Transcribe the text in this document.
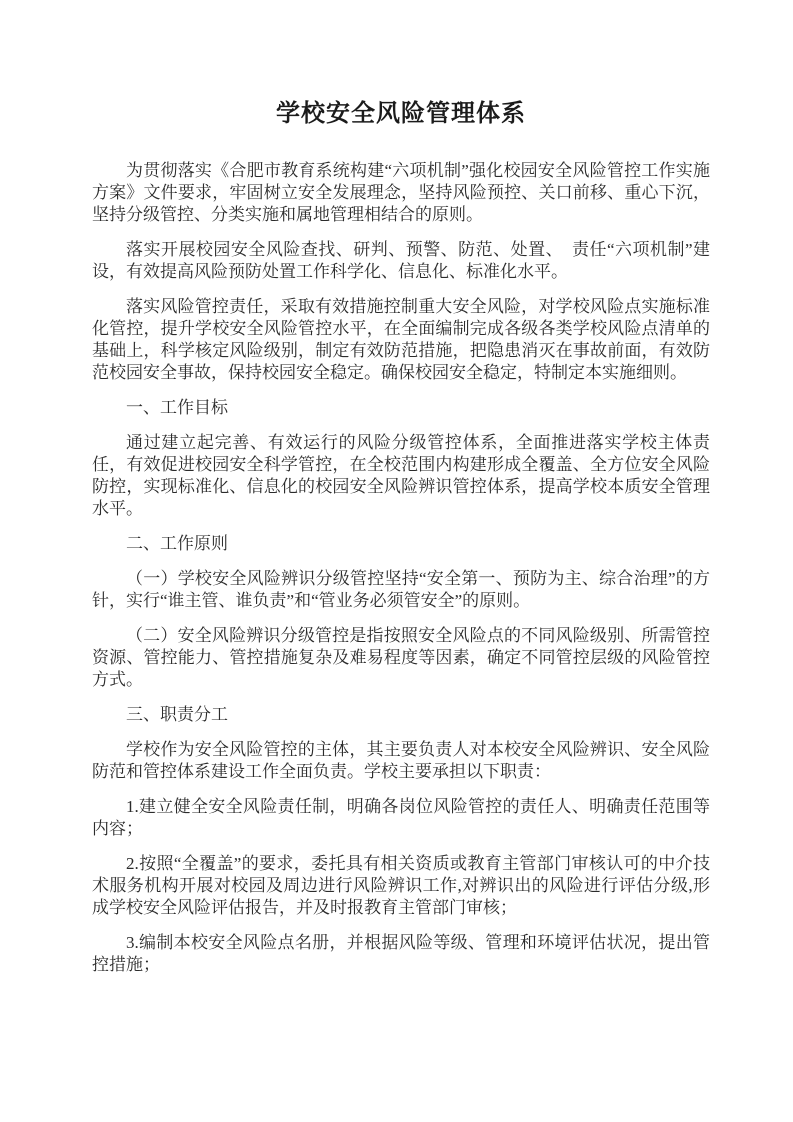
学校安全风险管理体系

为贯彻落实《合肥市教育系统构建“六项机制”强化校园安全风险管控工作实施方案》文件要求，牢固树立安全发展理念，坚持风险预控、关口前移、重心下沉，坚持分级管控、分类实施和属地管理相结合的原则。

落实开展校园安全风险查找、研判、预警、防范、处置、　责任“六项机制”建设，有效提高风险预防处置工作科学化、信息化、标准化水平。

落实风险管控责任，采取有效措施控制重大安全风险，对学校风险点实施标准化管控，提升学校安全风险管控水平，在全面编制完成各级各类学校风险点清单的基础上，科学核定风险级别，制定有效防范措施，把隐患消灭在事故前面，有效防范校园安全事故，保持校园安全稳定。确保校园安全稳定，特制定本实施细则。

一、工作目标

通过建立起完善、有效运行的风险分级管控体系，全面推进落实学校主体责任，有效促进校园安全科学管控，在全校范围内构建形成全覆盖、全方位安全风险防控，实现标准化、信息化的校园安全风险辨识管控体系，提高学校本质安全管理水平。

二、工作原则

（一）学校安全风险辨识分级管控坚持“安全第一、预防为主、综合治理”的方针，实行“谁主管、谁负责”和“管业务必须管安全”的原则。

（二）安全风险辨识分级管控是指按照安全风险点的不同风险级别、所需管控资源、管控能力、管控措施复杂及难易程度等因素，确定不同管控层级的风险管控方式。

三、职责分工

学校作为安全风险管控的主体，其主要负责人对本校安全风险辨识、安全风险防范和管控体系建设工作全面负责。学校主要承担以下职责：

1.建立健全安全风险责任制，明确各岗位风险管控的责任人、明确责任范围等内容；

2.按照“全覆盖”的要求，委托具有相关资质或教育主管部门审核认可的中介技术服务机构开展对校园及周边进行风险辨识工作,对辨识出的风险进行评估分级,形成学校安全风险评估报告，并及时报教育主管部门审核；

3.编制本校安全风险点名册，并根据风险等级、管理和环境评估状况，提出管控措施；
